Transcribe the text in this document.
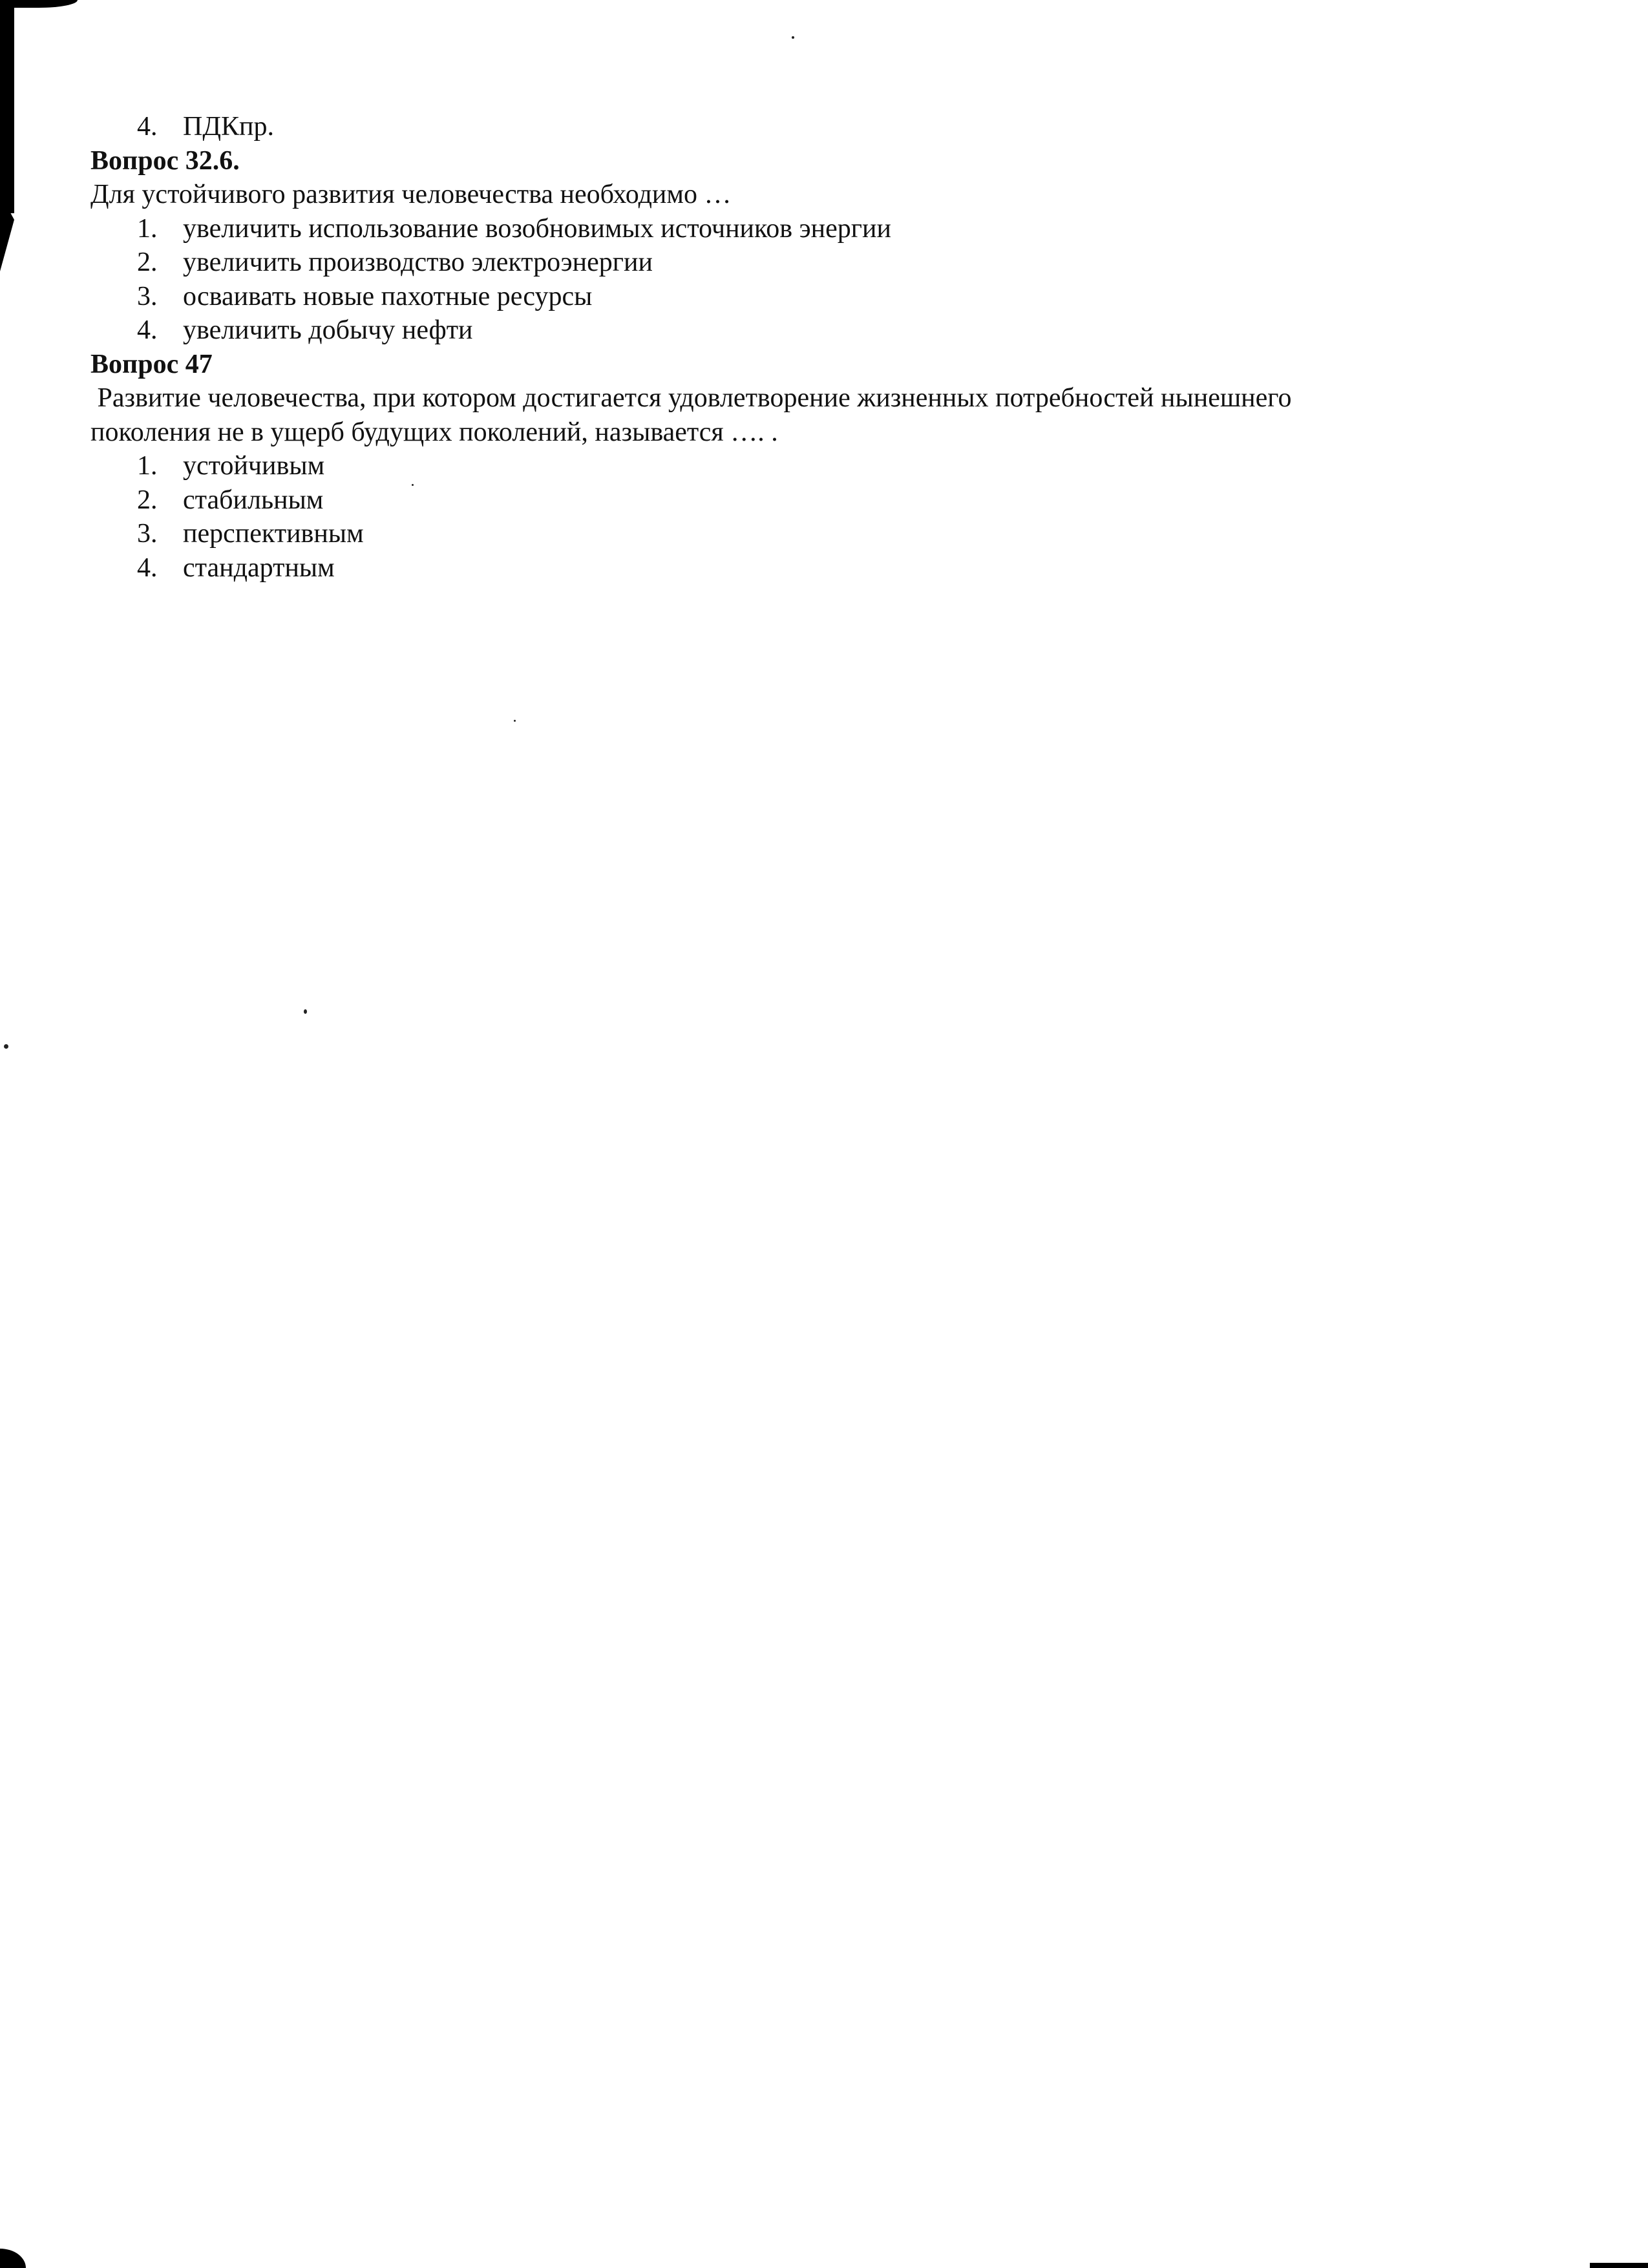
4. ПДКпр.
Вопрос 32.6.
Для устойчивого развития человечества необходимо …
1. увеличить использование возобновимых источников энергии
2. увеличить производство электроэнергии
3. осваивать новые пахотные ресурсы
4. увеличить добычу нефти
Вопрос 47
Развитие человечества, при котором достигается удовлетворение жизненных потребностей нынешнего
поколения не в ущерб будущих поколений, называется …. .
1. устойчивым
2. стабильным
3. перспективным
4. стандартным
